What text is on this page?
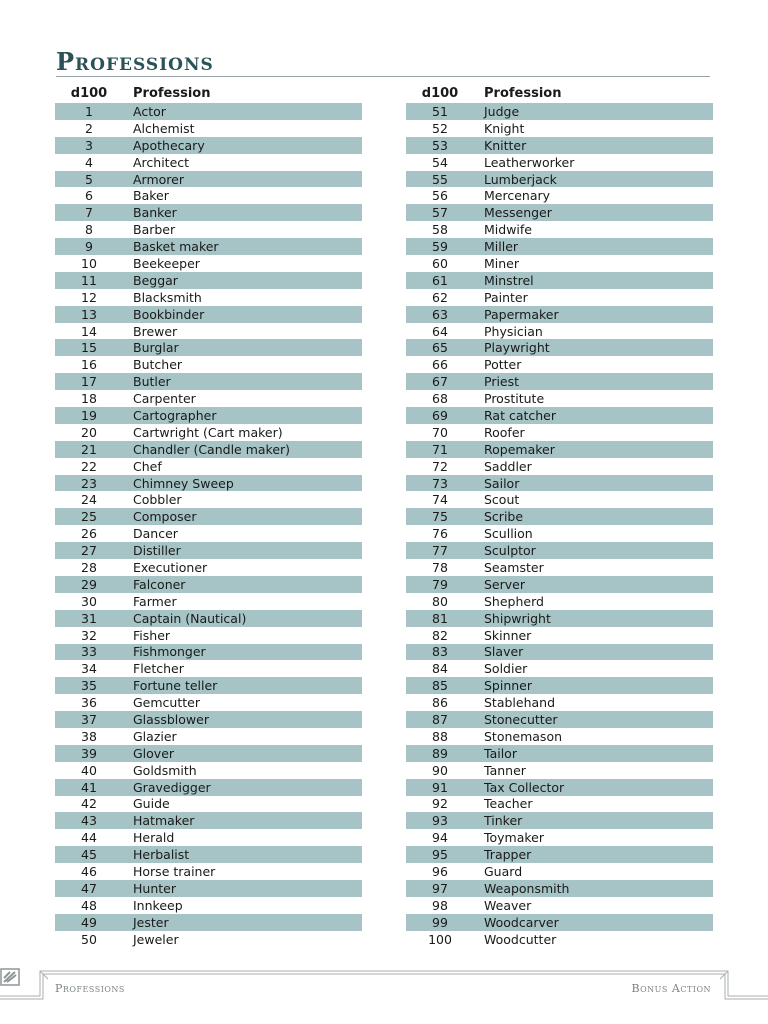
Professions
d100	Profession
1	Actor
2	Alchemist
3	Apothecary
4	Architect
5	Armorer
6	Baker
7	Banker
8	Barber
9	Basket maker
10	Beekeeper
11	Beggar
12	Blacksmith
13	Bookbinder
14	Brewer
15	Burglar
16	Butcher
17	Butler
18	Carpenter
19	Cartographer
20	Cartwright (Cart maker)
21	Chandler (Candle maker)
22	Chef
23	Chimney Sweep
24	Cobbler
25	Composer
26	Dancer
27	Distiller
28	Executioner
29	Falconer
30	Farmer
31	Captain (Nautical)
32	Fisher
33	Fishmonger
34	Fletcher
35	Fortune teller
36	Gemcutter
37	Glassblower
38	Glazier
39	Glover
40	Goldsmith
41	Gravedigger
42	Guide
43	Hatmaker
44	Herald
45	Herbalist
46	Horse trainer
47	Hunter
48	Innkeep
49	Jester
50	Jeweler
d100	Profession
51	Judge
52	Knight
53	Knitter
54	Leatherworker
55	Lumberjack
56	Mercenary
57	Messenger
58	Midwife
59	Miller
60	Miner
61	Minstrel
62	Painter
63	Papermaker
64	Physician
65	Playwright
66	Potter
67	Priest
68	Prostitute
69	Rat catcher
70	Roofer
71	Ropemaker
72	Saddler
73	Sailor
74	Scout
75	Scribe
76	Scullion
77	Sculptor
78	Seamster
79	Server
80	Shepherd
81	Shipwright
82	Skinner
83	Slaver
84	Soldier
85	Spinner
86	Stablehand
87	Stonecutter
88	Stonemason
89	Tailor
90	Tanner
91	Tax Collector
92	Teacher
93	Tinker
94	Toymaker
95	Trapper
96	Guard
97	Weaponsmith
98	Weaver
99	Woodcarver
100	Woodcutter
Professions	Bonus Action
